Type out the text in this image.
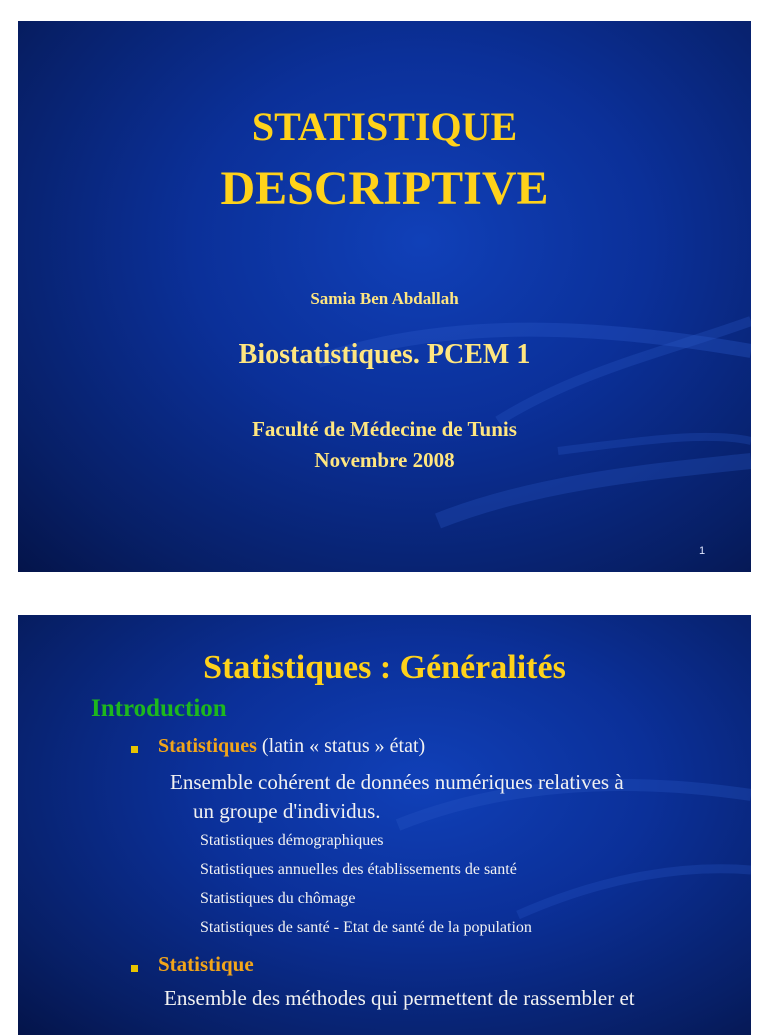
STATISTIQUE
DESCRIPTIVE
Samia Ben Abdallah
Biostatistiques. PCEM 1
Faculté de Médecine de Tunis
Novembre 2008
1
Statistiques : Généralités
Introduction
Statistiques (latin « status » état)
Ensemble cohérent de données numériques relatives à
un groupe d'individus.
Statistiques démographiques
Statistiques annuelles des établissements de santé
Statistiques du chômage
Statistiques de santé - Etat de santé de la population
Statistique
Ensemble des méthodes qui permettent de rassembler et
